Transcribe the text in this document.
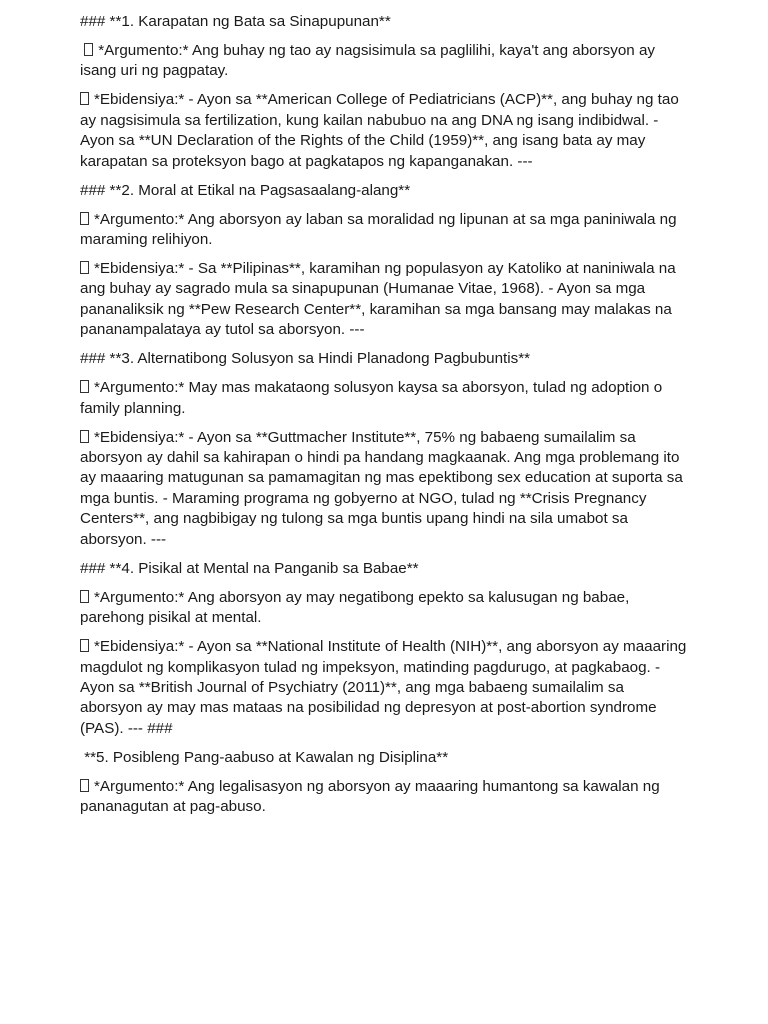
### **1. Karapatan ng Bata sa Sinapupunan**

*Argumento:* Ang buhay ng tao ay nagsisimula sa paglilihi, kaya't ang aborsyon ay isang uri ng pagpatay.

*Ebidensiya:* - Ayon sa **American College of Pediatricians (ACP)**, ang buhay ng tao ay nagsisimula sa fertilization, kung kailan nabubuo na ang DNA ng isang indibidwal. - Ayon sa **UN Declaration of the Rights of the Child (1959)**, ang isang bata ay may karapatan sa proteksyon bago at pagkatapos ng kapanganakan. ---

### **2. Moral at Etikal na Pagsasaalang-alang**

*Argumento:* Ang aborsyon ay laban sa moralidad ng lipunan at sa mga paniniwala ng maraming relihiyon.

*Ebidensiya:* - Sa **Pilipinas**, karamihan ng populasyon ay Katoliko at naniniwala na ang buhay ay sagrado mula sa sinapupunan (Humanae Vitae, 1968). - Ayon sa mga pananaliksik ng **Pew Research Center**, karamihan sa mga bansang may malakas na pananampalataya ay tutol sa aborsyon. ---

### **3. Alternatibong Solusyon sa Hindi Planadong Pagbubuntis**

*Argumento:* May mas makataong solusyon kaysa sa aborsyon, tulad ng adoption o family planning.

*Ebidensiya:* - Ayon sa **Guttmacher Institute**, 75% ng babaeng sumailalim sa aborsyon ay dahil sa kahirapan o hindi pa handang magkaanak. Ang mga problemang ito ay maaaring matugunan sa pamamagitan ng mas epektibong sex education at suporta sa mga buntis. - Maraming programa ng gobyerno at NGO, tulad ng **Crisis Pregnancy Centers**, ang nagbibigay ng tulong sa mga buntis upang hindi na sila umabot sa aborsyon. ---

### **4. Pisikal at Mental na Panganib sa Babae**

*Argumento:* Ang aborsyon ay may negatibong epekto sa kalusugan ng babae, parehong pisikal at mental.

*Ebidensiya:* - Ayon sa **National Institute of Health (NIH)**, ang aborsyon ay maaaring magdulot ng komplikasyon tulad ng impeksyon, matinding pagdurugo, at pagkabaog. - Ayon sa **British Journal of Psychiatry (2011)**, ang mga babaeng sumailalim sa aborsyon ay may mas mataas na posibilidad ng depresyon at post-abortion syndrome (PAS). --- ###

**5. Posibleng Pang-aabuso at Kawalan ng Disiplina**

*Argumento:* Ang legalisasyon ng aborsyon ay maaaring humantong sa kawalan ng pananagutan at pag-abuso.
